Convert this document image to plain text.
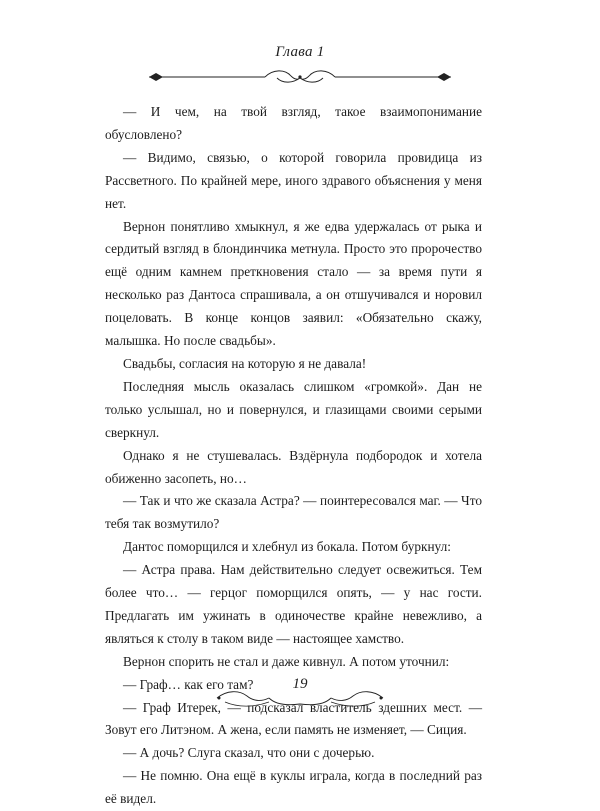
Глава 1

— И чем, на твой взгляд, такое взаимопонимание обусловлено?

— Видимо, связью, о которой говорила провидица из Рассветного. По крайней мере, иного здравого объяснения у меня нет.

Вернон понятливо хмыкнул, я же едва удержалась от рыка и сердитый взгляд в блондинчика метнула. Просто это пророчество ещё одним камнем преткновения стало — за время пути я несколько раз Дантоса спрашивала, а он отшучивался и норовил поцеловать. В конце концов заявил: «Обязательно скажу, малышка. Но после свадьбы».

Свадьбы, согласия на которую я не давала!

Последняя мысль оказалась слишком «громкой». Дан не только услышал, но и повернулся, и глазищами своими серыми сверкнул.

Однако я не стушевалась. Вздёрнула подбородок и хотела обиженно засопеть, но…

— Так и что же сказала Астра? — поинтересовался маг. — Что тебя так возмутило?

Дантос поморщился и хлебнул из бокала. Потом буркнул:

— Астра права. Нам действительно следует освежиться. Тем более что… — герцог поморщился опять, — у нас гости. Предлагать им ужинать в одиночестве крайне невежливо, а являться к столу в таком виде — настоящее хамство.

Вернон спорить не стал и даже кивнул. А потом уточнил:

— Граф… как его там?

— Граф Итерек, — подсказал властитель здешних мест. — Зовут его Литэном. А жена, если память не изменяет, — Сиция.

— А дочь? Слуга сказал, что они с дочерью.

— Не помню. Она ещё в куклы играла, когда в последний раз её видел.

19
